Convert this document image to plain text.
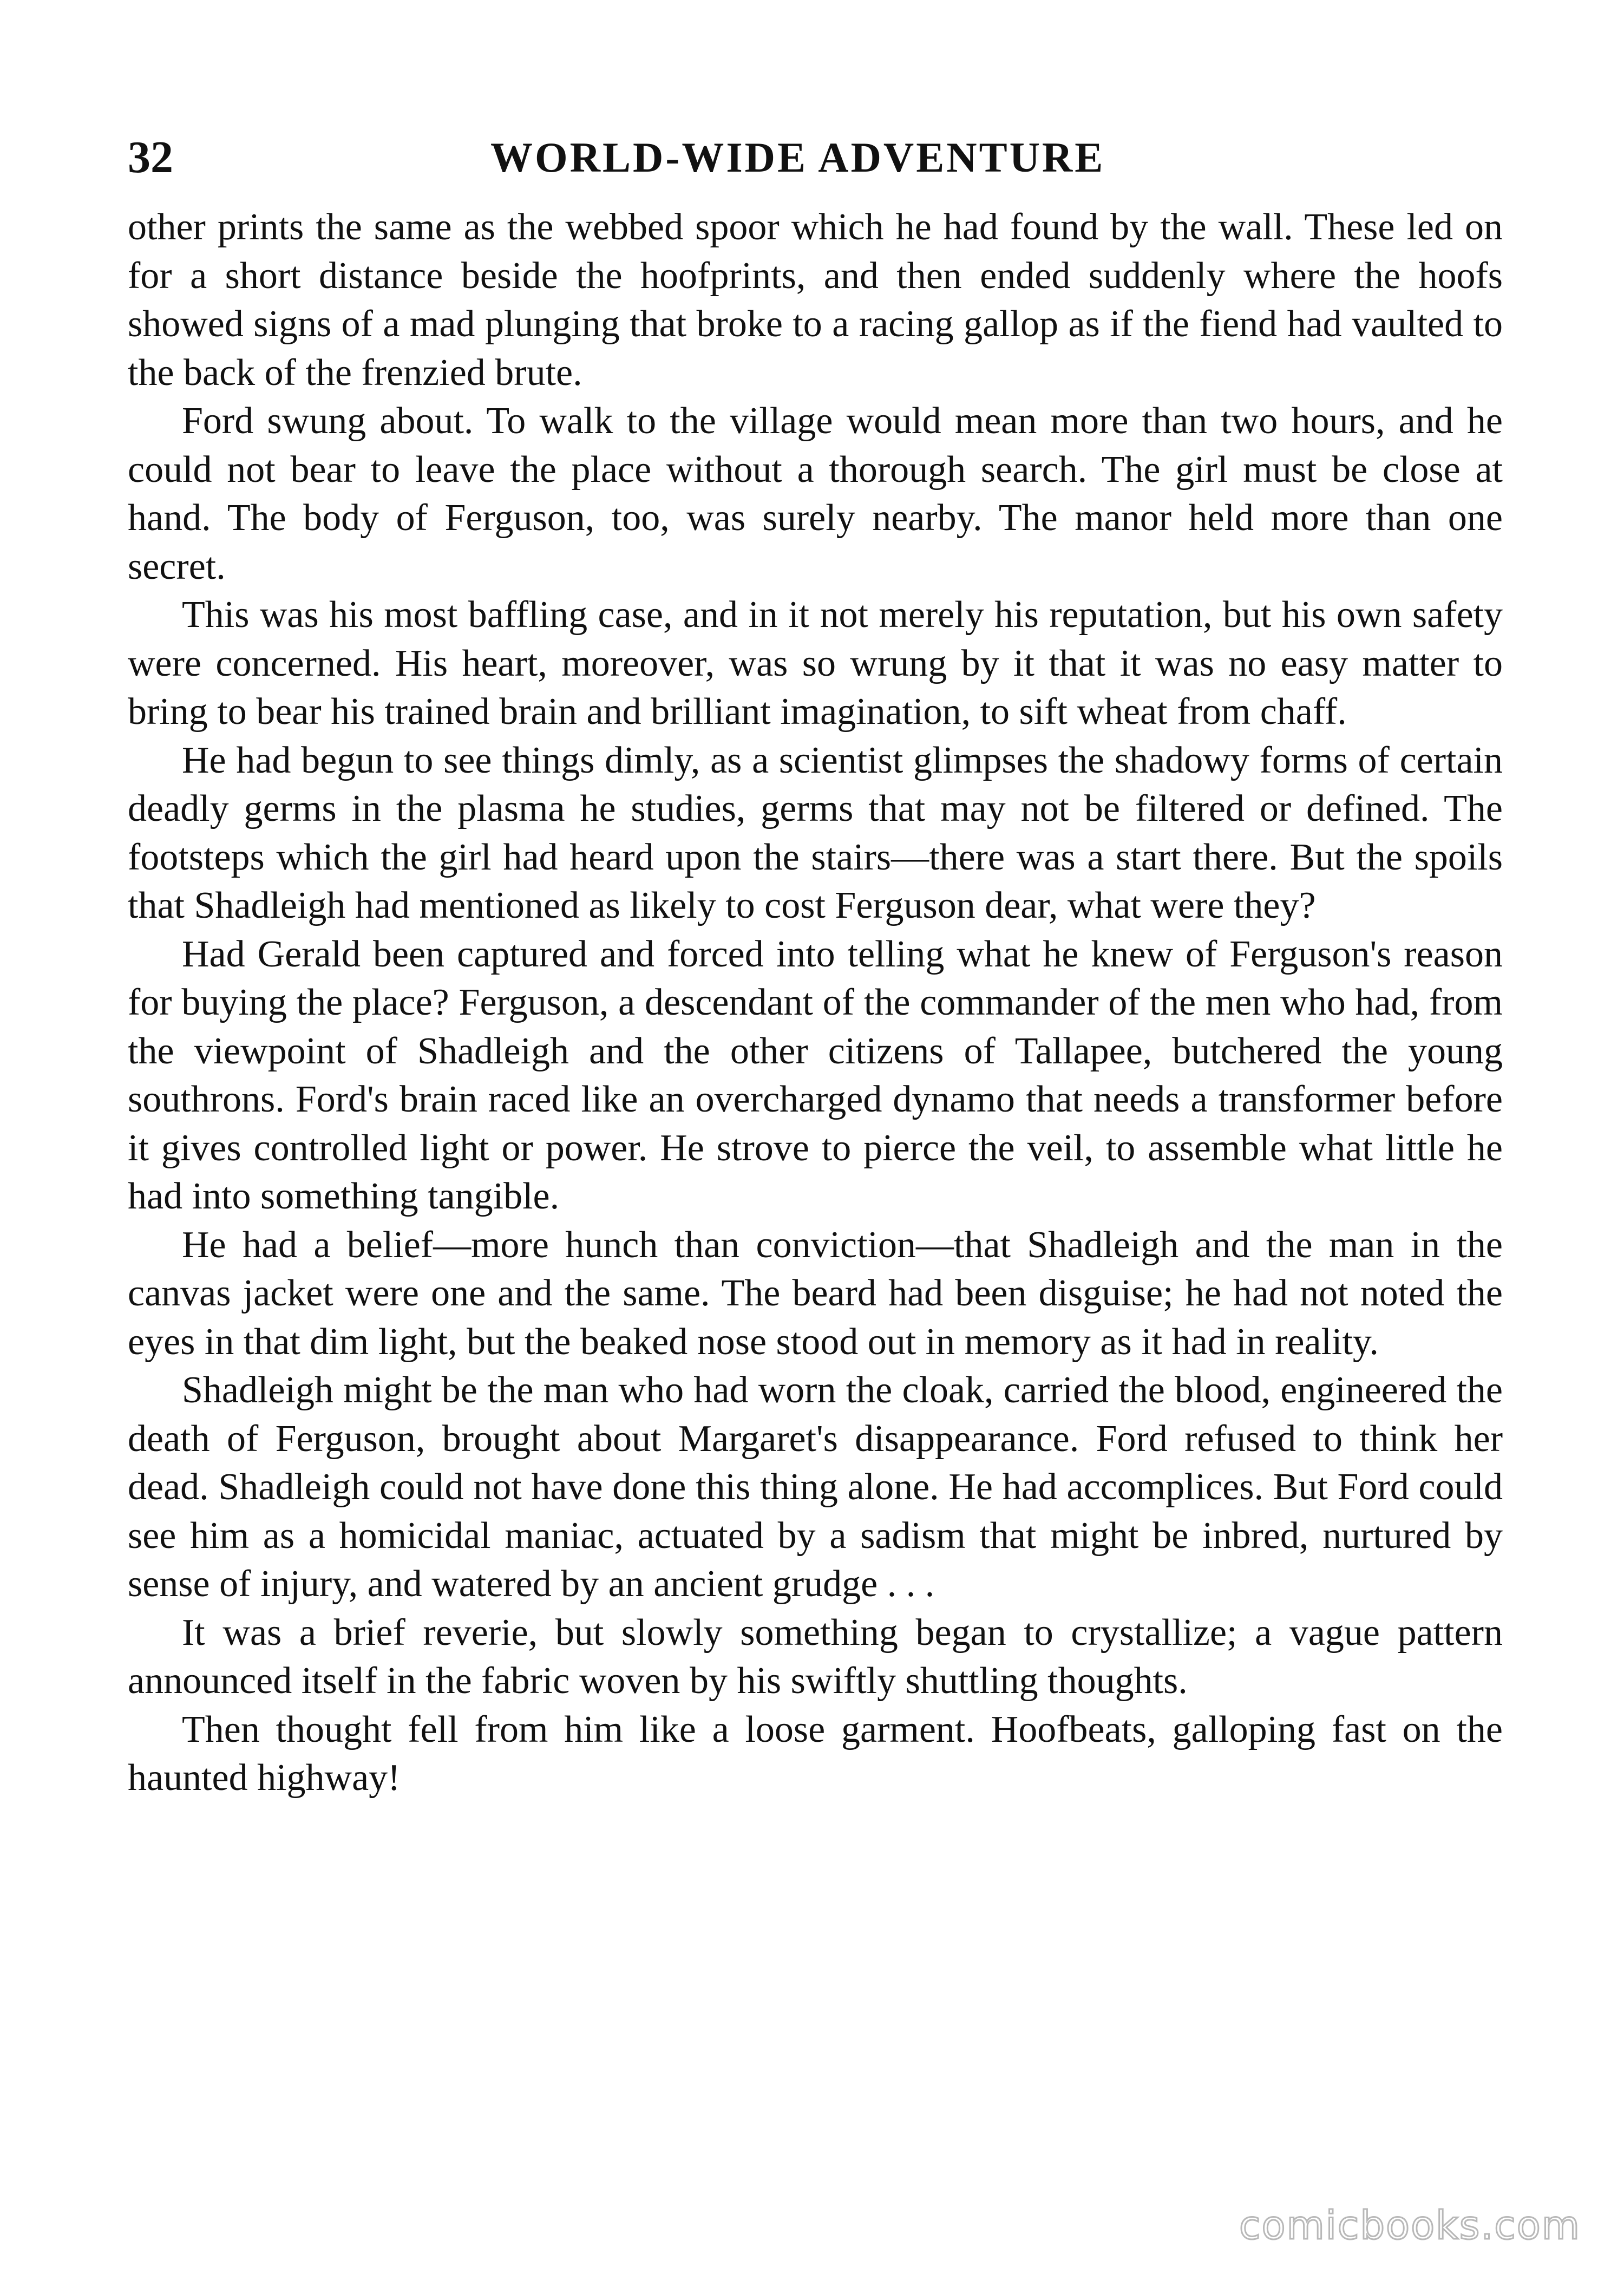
32	WORLD-WIDE ADVENTURE

other prints the same as the webbed spoor which he had found by the wall. These led on for a short distance beside the hoofprints, and then ended suddenly where the hoofs showed signs of a mad plunging that broke to a racing gallop as if the fiend had vaulted to the back of the frenzied brute.

Ford swung about. To walk to the village would mean more than two hours, and he could not bear to leave the place without a thorough search. The girl must be close at hand. The body of Ferguson, too, was surely nearby. The manor held more than one secret.

This was his most baffling case, and in it not merely his reputation, but his own safety were concerned. His heart, moreover, was so wrung by it that it was no easy matter to bring to bear his trained brain and brilliant imagination, to sift wheat from chaff.

He had begun to see things dimly, as a scientist glimpses the shadowy forms of certain deadly germs in the plasma he studies, germs that may not be filtered or defined. The footsteps which the girl had heard upon the stairs—there was a start there. But the spoils that Shadleigh had mentioned as likely to cost Ferguson dear, what were they?

Had Gerald been captured and forced into telling what he knew of Ferguson's reason for buying the place? Ferguson, a descendant of the commander of the men who had, from the viewpoint of Shadleigh and the other citizens of Tallapee, butchered the young southrons. Ford's brain raced like an overcharged dynamo that needs a transformer before it gives controlled light or power. He strove to pierce the veil, to assemble what little he had into something tangible.

He had a belief—more hunch than conviction—that Shadleigh and the man in the canvas jacket were one and the same. The beard had been disguise; he had not noted the eyes in that dim light, but the beaked nose stood out in memory as it had in reality.

Shadleigh might be the man who had worn the cloak, carried the blood, engineered the death of Ferguson, brought about Margaret's disappearance. Ford refused to think her dead. Shadleigh could not have done this thing alone. He had accomplices. But Ford could see him as a homicidal maniac, actuated by a sadism that might be inbred, nurtured by sense of injury, and watered by an ancient grudge . . .

It was a brief reverie, but slowly something began to crystallize; a vague pattern announced itself in the fabric woven by his swiftly shuttling thoughts.

Then thought fell from him like a loose garment. Hoofbeats, galloping fast on the haunted highway!

comicbooks.com
